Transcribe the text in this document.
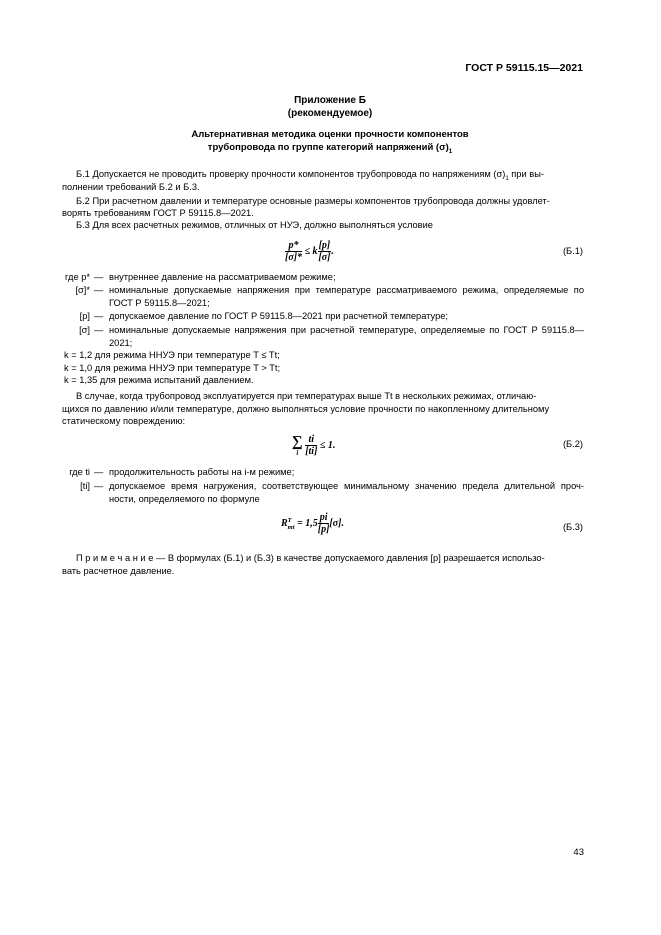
ГОСТ Р 59115.15—2021
Приложение Б
(рекомендуемое)
Альтернативная методика оценки прочности компонентов
трубопровода по группе категорий напряжений $(\sigma)_1$
Б.1 Допускается не проводить проверку прочности компонентов трубопровода по напряжениям $(\sigma)_1$ при вы-
полнении требований Б.2 и Б.3.
Б.2 При расчетном давлении и температуре основные размеры компонентов трубопровода должны удовлет-
ворять требованиям ГОСТ Р 59115.8—2021.
Б.3 Для всех расчетных режимов, отличных от НУЭ, должно выполняться условие
$\frac{p*}{[\sigma]*} \le k \frac{[p]}{[\sigma]}$ .	(Б.1)
где p* — внутреннее давление на рассматриваемом режиме;
[σ]* — номинальные допускаемые напряжения при температуре рассматриваемого режима, определяемые по ГОСТ Р 59115.8—2021;
[p] — допускаемое давление по ГОСТ Р 59115.8—2021 при расчетной температуре;
[σ] — номинальные допускаемые напряжения при расчетной температуре, определяемые по ГОСТ Р 59115.8—2021;
k = 1,2 для режима ННУЭ при температуре T ≤ Tt;
k = 1,0 для режима ННУЭ при температуре T > Tt;
k = 1,35 для режима испытаний давлением.
В случае, когда трубопровод эксплуатируется при температурах выше Tt в нескольких режимах, отличаю-
щихся по давлению и/или температуре, должно выполняться условие прочности по накопленному длительному
статическому повреждению:
∑
i
$\frac{ti}{[ti]} \le 1$.	(Б.2)
где ti — продолжительность работы на i-м режиме;
[ti] — допускаемое время нагружения, соответствующее минимальному значению предела длительной проч-ности, определяемого по формуле
R T
mt = $1,5 \frac{pi}{[p]} [\sigma]$.	(Б.3)
П р и м е ч а н и е — В формулах (Б.1) и (Б.3) в качестве допускаемого давления [p] разрешается использо-
вать расчетное давление.
43
